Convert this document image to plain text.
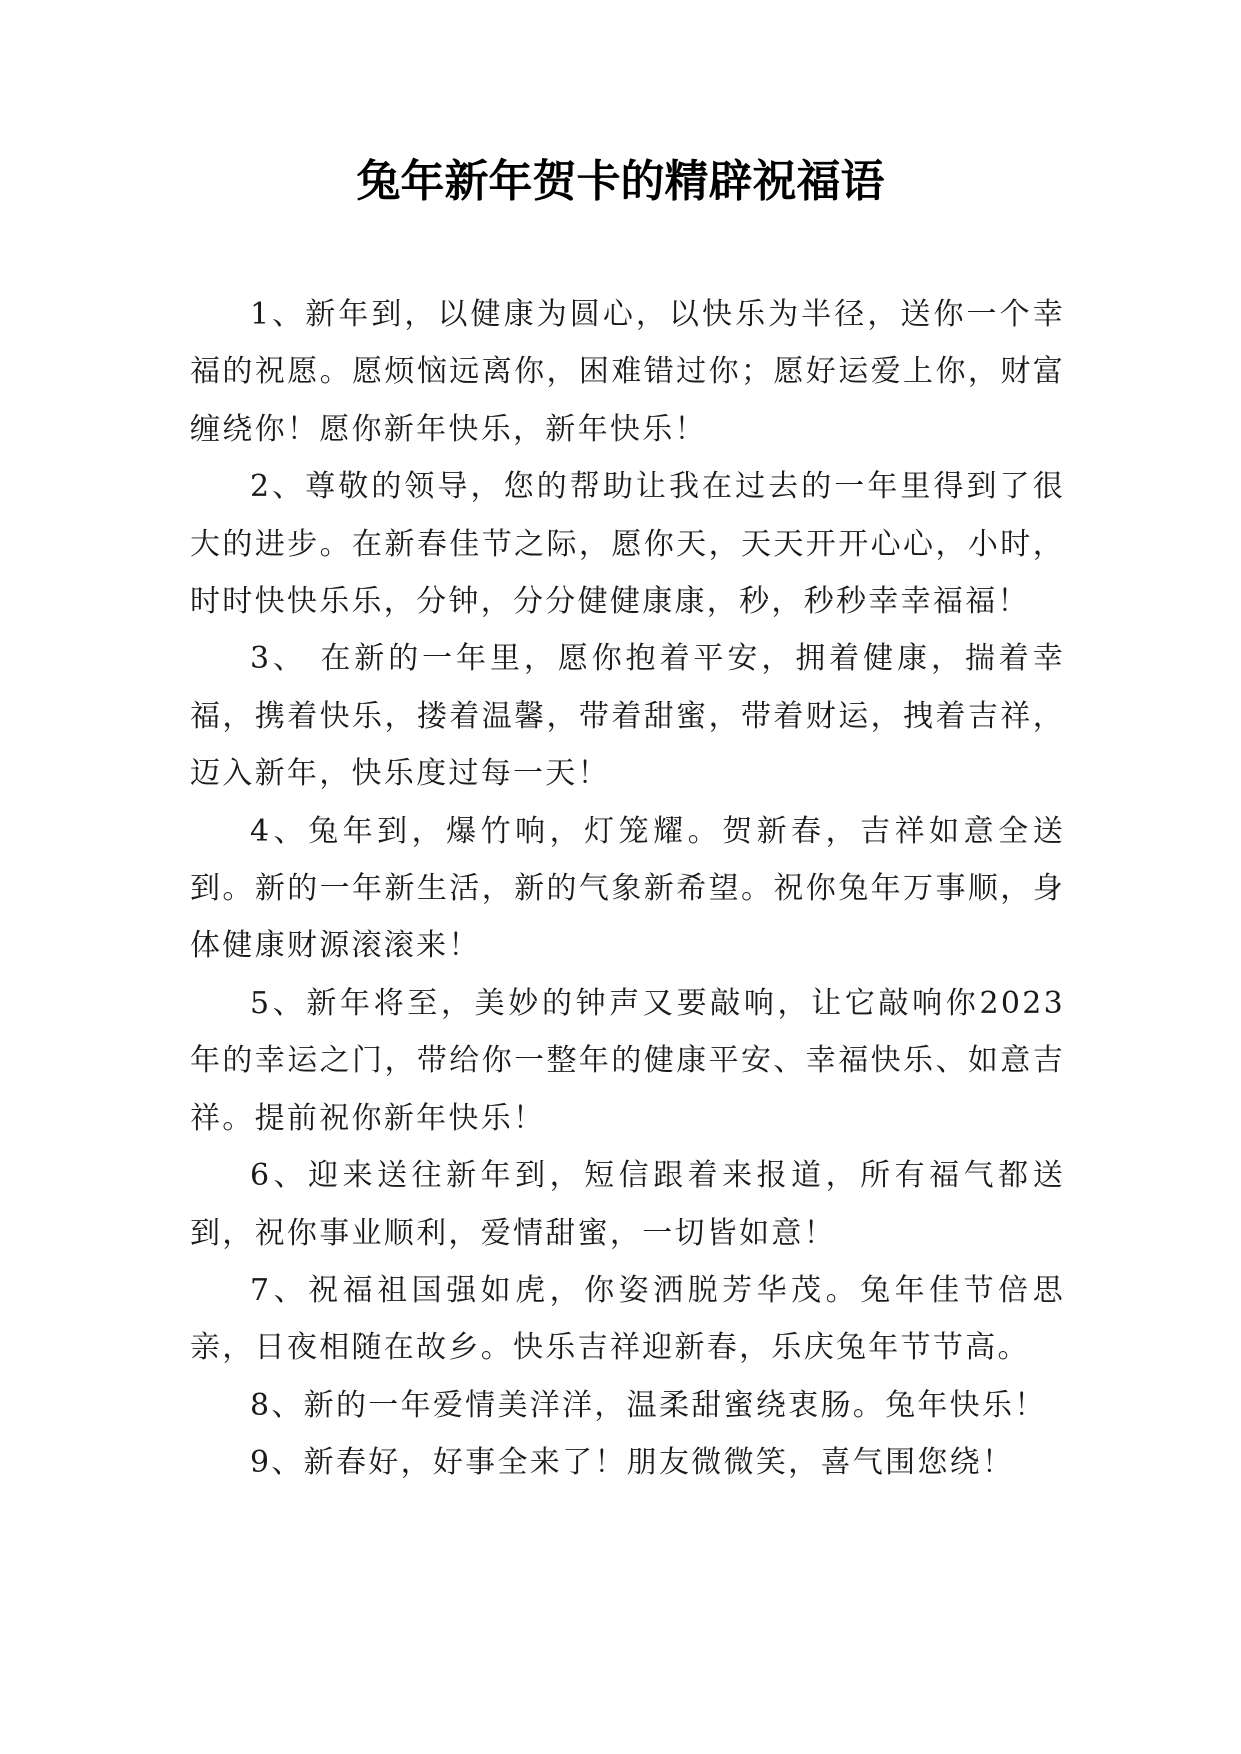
兔年新年贺卡的精辟祝福语

1、新年到，以健康为圆心，以快乐为半径，送你一个幸福的祝愿。愿烦恼远离你，困难错过你；愿好运爱上你，财富缠绕你！愿你新年快乐，新年快乐！

2、尊敬的领导，您的帮助让我在过去的一年里得到了很大的进步。在新春佳节之际，愿你天，天天开开心心，小时，时时快快乐乐，分钟，分分健健康康，秒，秒秒幸幸福福！

3、 在新的一年里，愿你抱着平安，拥着健康，揣着幸福，携着快乐，搂着温馨，带着甜蜜，带着财运，拽着吉祥，迈入新年，快乐度过每一天！

4、兔年到，爆竹响，灯笼耀。贺新春，吉祥如意全送到。新的一年新生活，新的气象新希望。祝你兔年万事顺，身体健康财源滚滚来！

5、新年将至，美妙的钟声又要敲响，让它敲响你2023年的幸运之门，带给你一整年的健康平安、幸福快乐、如意吉祥。提前祝你新年快乐！

6、迎来送往新年到，短信跟着来报道，所有福气都送到，祝你事业顺利，爱情甜蜜，一切皆如意！

7、祝福祖国强如虎，你姿洒脱芳华茂。兔年佳节倍思亲，日夜相随在故乡。快乐吉祥迎新春，乐庆兔年节节高。

8、新的一年爱情美洋洋，温柔甜蜜绕衷肠。兔年快乐！

9、新春好，好事全来了！朋友微微笑，喜气围您绕！
